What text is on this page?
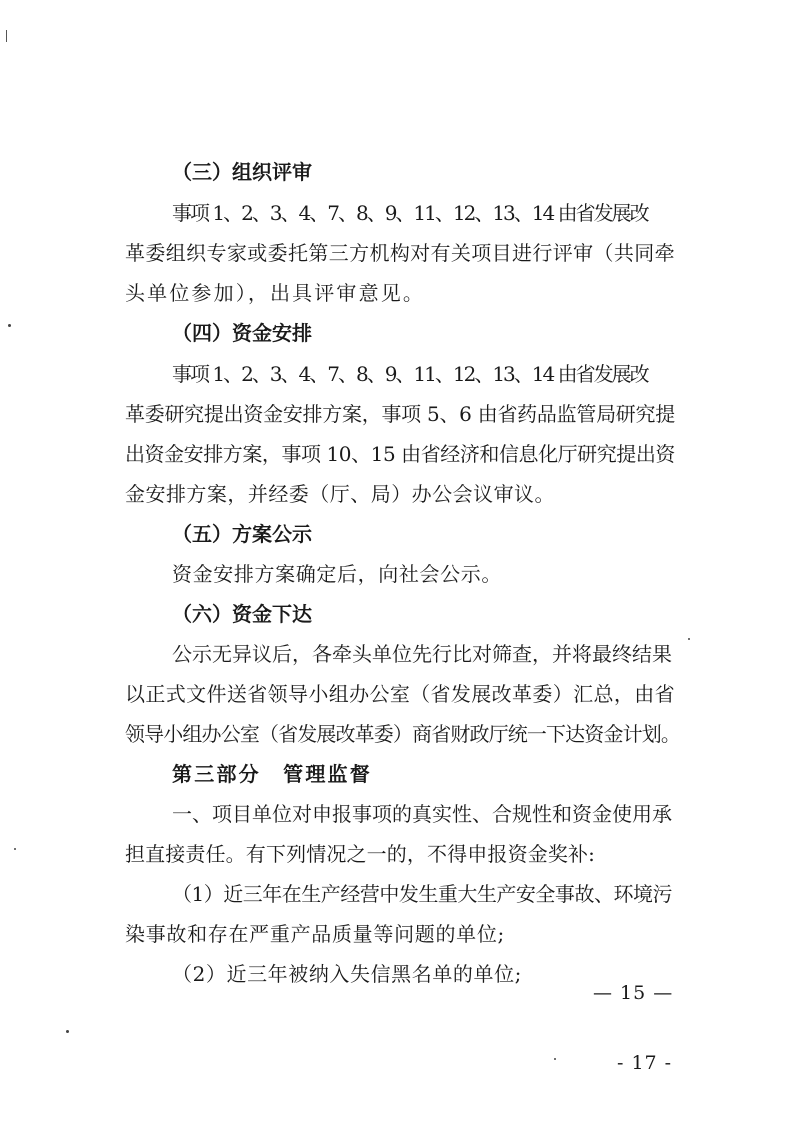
（三）组织评审
事项 1、2、3、4、7、8、9、11、12、13、14 由省发展改
革委组织专家或委托第三方机构对有关项目进行评审（共同牵
头单位参加），出具评审意见。
（四）资金安排
事项 1、2、3、4、7、8、9、11、12、13、14 由省发展改
革委研究提出资金安排方案，事项 5、6 由省药品监管局研究提
出资金安排方案，事项 10、15 由省经济和信息化厅研究提出资
金安排方案，并经委（厅、局）办公会议审议。
（五）方案公示
资金安排方案确定后，向社会公示。
（六）资金下达
公示无异议后，各牵头单位先行比对筛查，并将最终结果
以正式文件送省领导小组办公室（省发展改革委）汇总，由省
领导小组办公室（省发展改革委）商省财政厅统一下达资金计划。
第三部分　管理监督
一、项目单位对申报事项的真实性、合规性和资金使用承
担直接责任。有下列情况之一的，不得申报资金奖补:
（1）近三年在生产经营中发生重大生产安全事故、环境污
染事故和存在严重产品质量等问题的单位;
（2）近三年被纳入失信黑名单的单位;
— 15 —
- 17 -
